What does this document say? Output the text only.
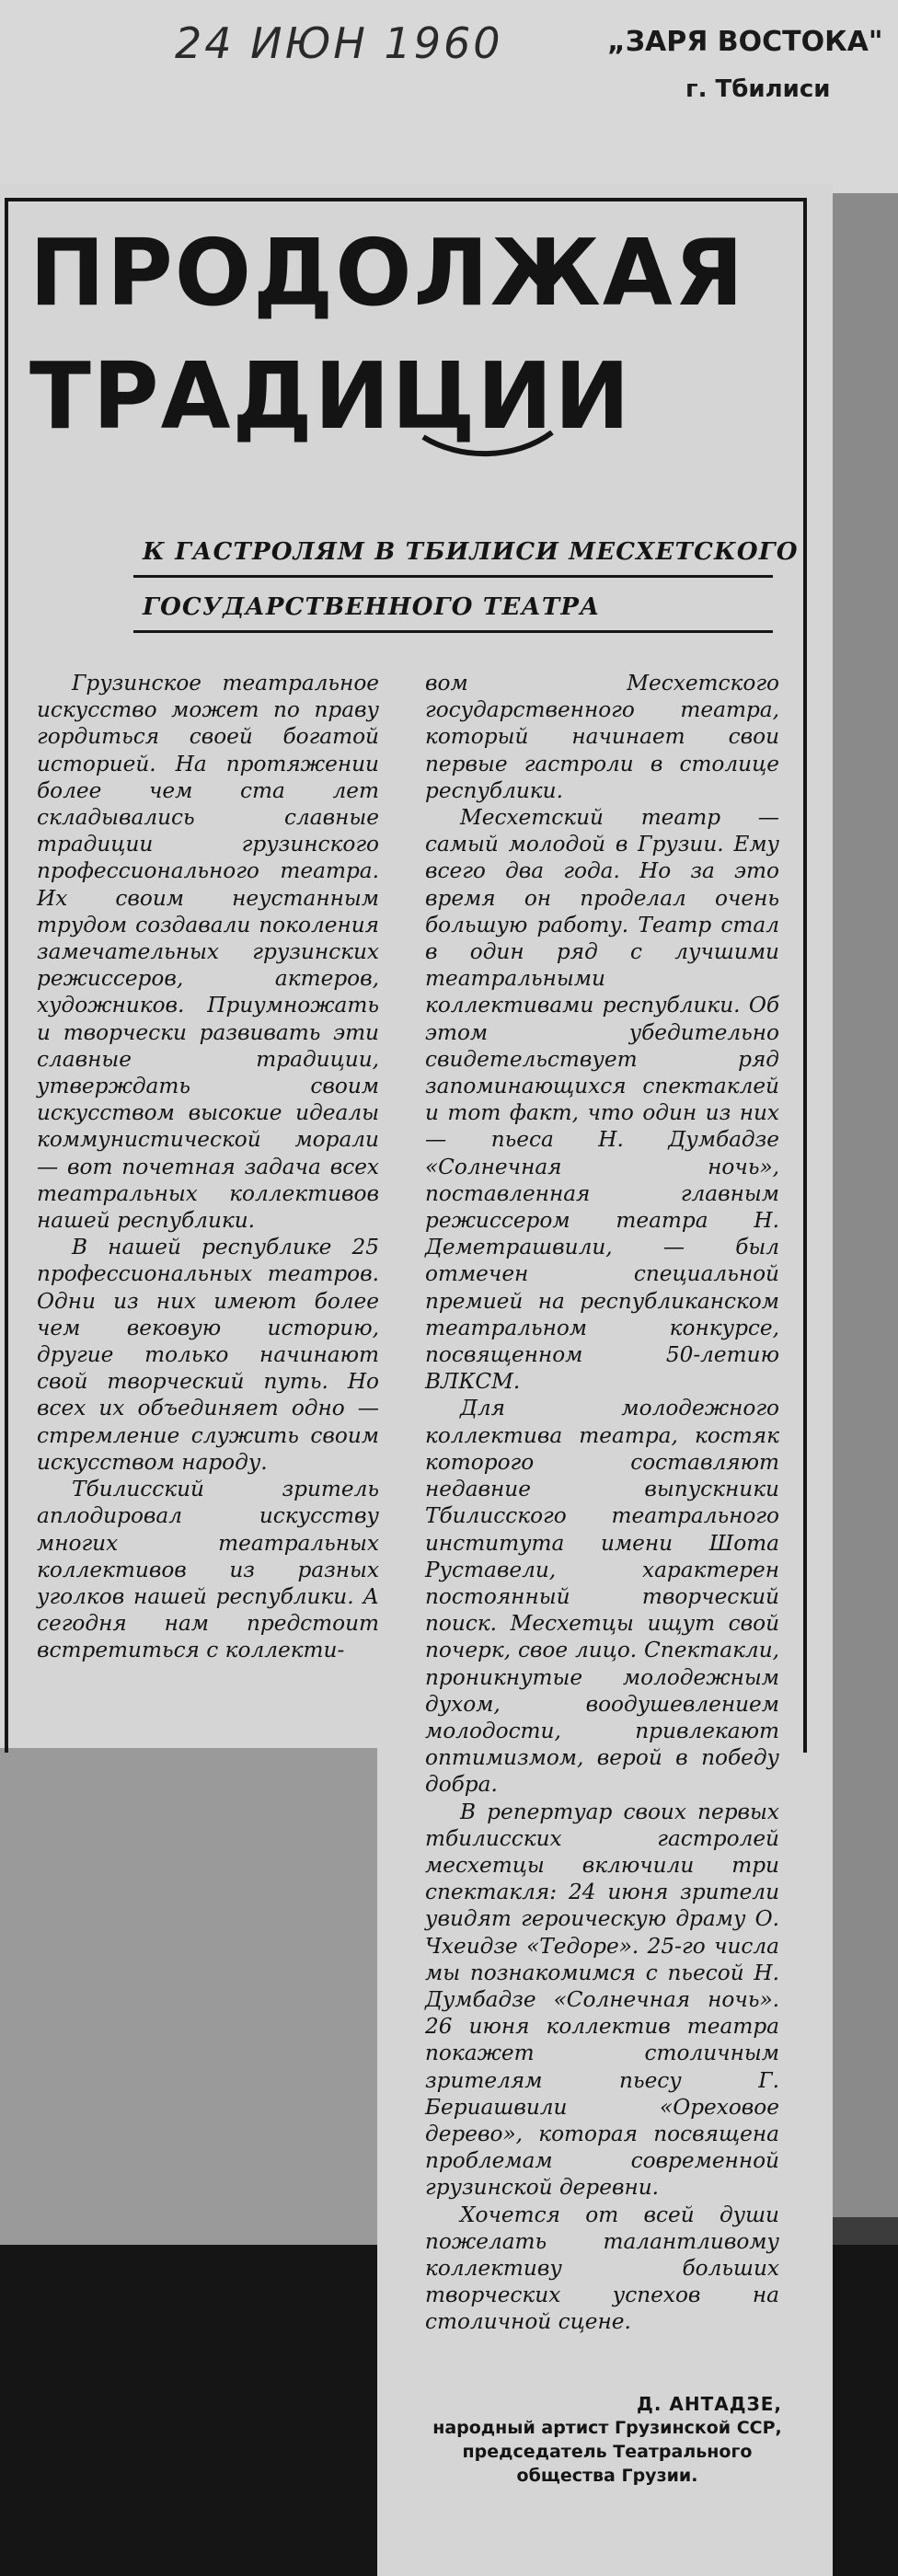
24 ИЮН 1960	„ЗАРЯ ВОСТОКА"
г. Тбилиси
ПРОДОЛЖАЯ
ТРАДИЦИИ
К ГАСТРОЛЯМ В ТБИЛИСИ МЕСХЕТСКОГО
ГОСУДАРСТВЕННОГО ТЕАТРА

Грузинское театральное искусство может по праву гордиться своей богатой историей. На протяжении более чем ста лет складывались славные традиции грузинского профессионального театра. Их своим неустанным трудом создавали поколения замечательных грузинских режиссеров, актеров, художников. Приумножать и творчески развивать эти славные традиции, утверждать своим искусством высокие идеалы коммунистической морали — вот почетная задача всех театральных коллективов нашей республики.

В нашей республике 25 профессиональных театров. Одни из них имеют более чем вековую историю, другие только начинают свой творческий путь. Но всех их объединяет одно — стремление служить своим искусством народу.

Тбилисский зритель аплодировал искусству многих театральных коллективов из разных уголков нашей республики. А сегодня нам предстоит встретиться с коллекти-

вом Месхетского государственного театра, который начинает свои первые гастроли в столице республики.

Месхетский театр — самый молодой в Грузии. Ему всего два года. Но за это время он проделал очень большую работу. Театр стал в один ряд с лучшими театральными коллективами республики. Об этом убедительно свидетельствует ряд запоминающихся спектаклей и тот факт, что один из них — пьеса Н. Думбадзе «Солнечная ночь», поставленная главным режиссером театра Н. Деметрашвили, — был отмечен специальной премией на республиканском театральном конкурсе, посвященном 50-летию ВЛКСМ.

Для молодежного коллектива театра, костяк которого составляют недавние выпускники Тбилисского театрального института имени Шота Руставели, характерен постоянный творческий поиск. Месхетцы ищут свой почерк, свое лицо. Спектакли, проникнутые молодежным духом, воодушевлением молодости, привлекают оптимизмом, верой в победу добра.

В репертуар своих первых тбилисских гастролей месхетцы включили три спектакля: 24 июня зрители увидят героическую драму О. Чхеидзе «Тедоре». 25-го числа мы познакомимся с пьесой Н. Думбадзе «Солнечная ночь». 26 июня коллектив театра покажет столичным зрителям пьесу Г. Бериашвили «Ореховое дерево», которая посвящена проблемам современной грузинской деревни.

Хочется от всей души пожелать талантливому коллективу больших творческих успехов на столичной сцене.

Д. АНТАДЗЕ,
народный артист Грузинской ССР, председатель Театрального общества Грузии.
